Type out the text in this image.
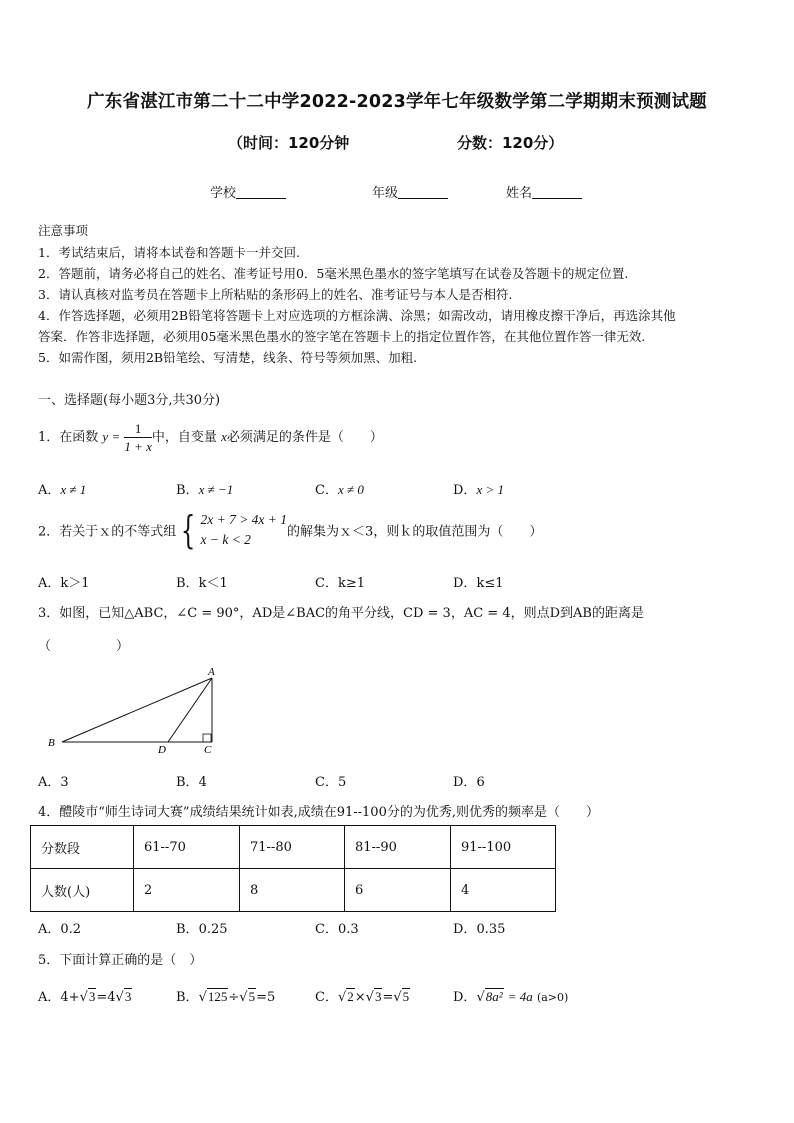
广东省湛江市第二十二中学2022-2023学年七年级数学第二学期期末预测试题
（时间：120分钟	分数：120分）
学校	年级	姓名
注意事项
1．考试结束后，请将本试卷和答题卡一并交回.
2．答题前，请务必将自己的姓名、准考证号用0．5毫米黑色墨水的签字笔填写在试卷及答题卡的规定位置.
3．请认真核对监考员在答题卡上所粘贴的条形码上的姓名、准考证号与本人是否相符.
4．作答选择题，必须用2B铅笔将答题卡上对应选项的方框涂满、涂黑；如需改动，请用橡皮擦干净后，再选涂其他
答案．作答非选择题，必须用05毫米黑色墨水的签字笔在答题卡上的指定位置作答，在其他位置作答一律无效.
5．如需作图，须用2B铅笔绘、写清楚，线条、符号等须加黑、加粗.
一、选择题(每小题3分,共30分)
1．在函数 $y = \frac{1}{1 + x}$ 中，自变量 x必须满足的条件是（　　）
A．x ≠ 1	B．x ≠ −1	C．x ≠ 0	D．x > 1
2．若关于ｘ的不等式组 { 2x + 7 > 4x + 1
x − k < 2	的解集为ｘ＜3，则ｋ的取值范围为（　　）
A．k＞1	B．k＜1	C．k≥1	D．k≤1
3．如图，已知△ABC，∠C = 90°，AD是∠BAC的角平分线，CD = 3，AC = 4，则点D到AB的距离是
（　　　　　）
A
B
C
D
A．3	B．4	C．5	D．6
4．醴陵市“师生诗词大赛”成绩结果统计如表,成绩在91--100分的为优秀,则优秀的频率是（　　）
分数段	61--70	71--80	81--90	91--100
人数(人)	2	8	6	4
A．0.2	B．0.25	C．0.3	D．0.35
5．下面计算正确的是（　）
A．4+√3=4√3	B．√125÷√5=5	C．√2×√3=√5	D．√8a² = 4a (a>0)
